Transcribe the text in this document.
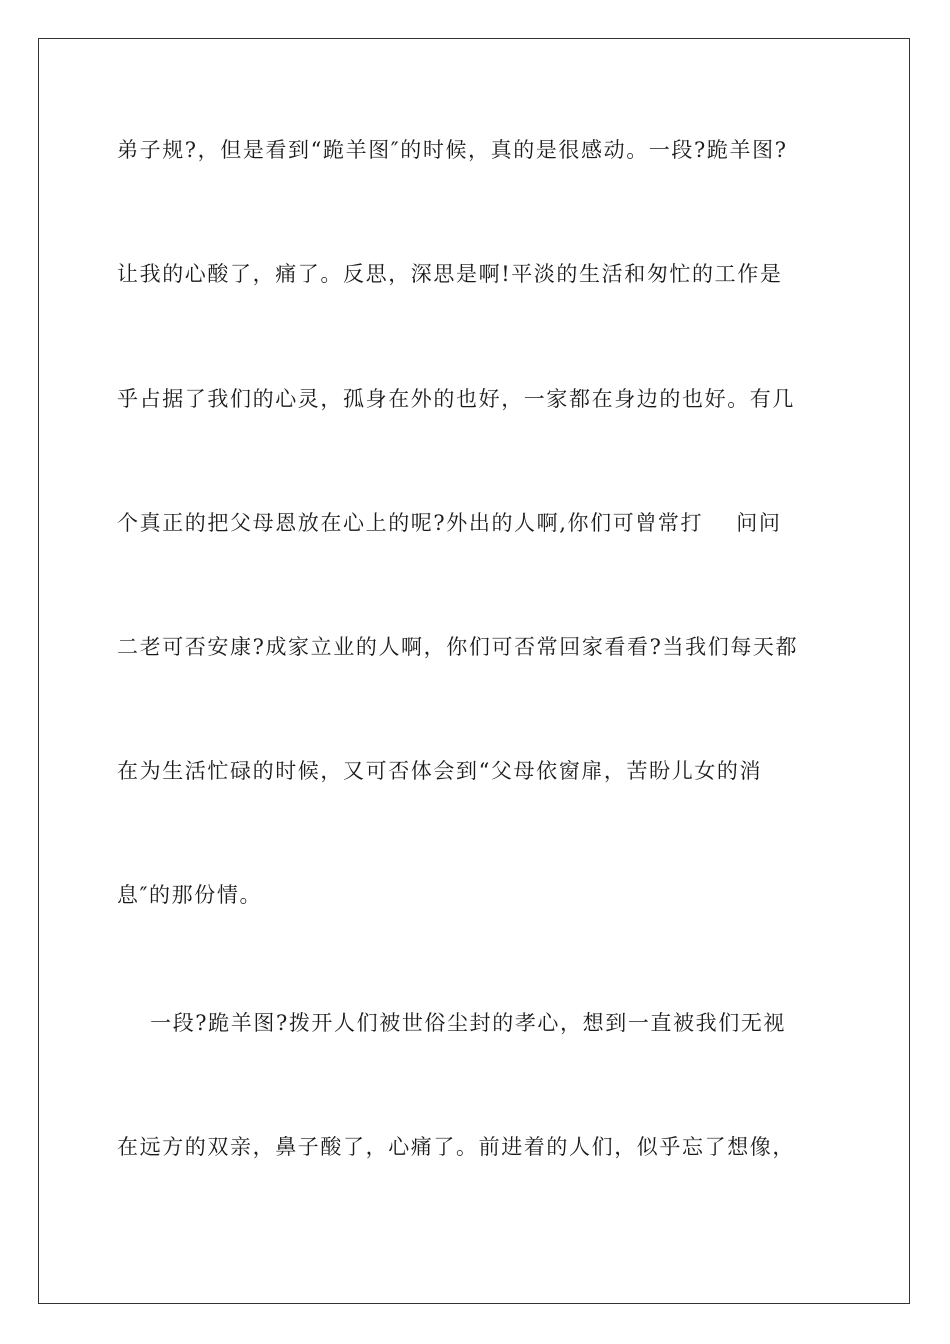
弟子规?，但是看到“跪羊图″的时候，真的是很感动。一段?跪羊图?
让我的心酸了，痛了。反思，深思是啊!平淡的生活和匆忙的工作是
乎占据了我们的心灵，孤身在外的也好，一家都在身边的也好。有几
个真正的把父母恩放在心上的呢?外出的人啊,你们可曾常打    问问
二老可否安康?成家立业的人啊，你们可否常回家看看?当我们每天都
在为生活忙碌的时候，又可否体会到“父母依窗扉，苦盼儿女的消
息″的那份情。
一段?跪羊图?拨开人们被世俗尘封的孝心，想到一直被我们无视
在远方的双亲，鼻子酸了，心痛了。前进着的人们，似乎忘了想像，
